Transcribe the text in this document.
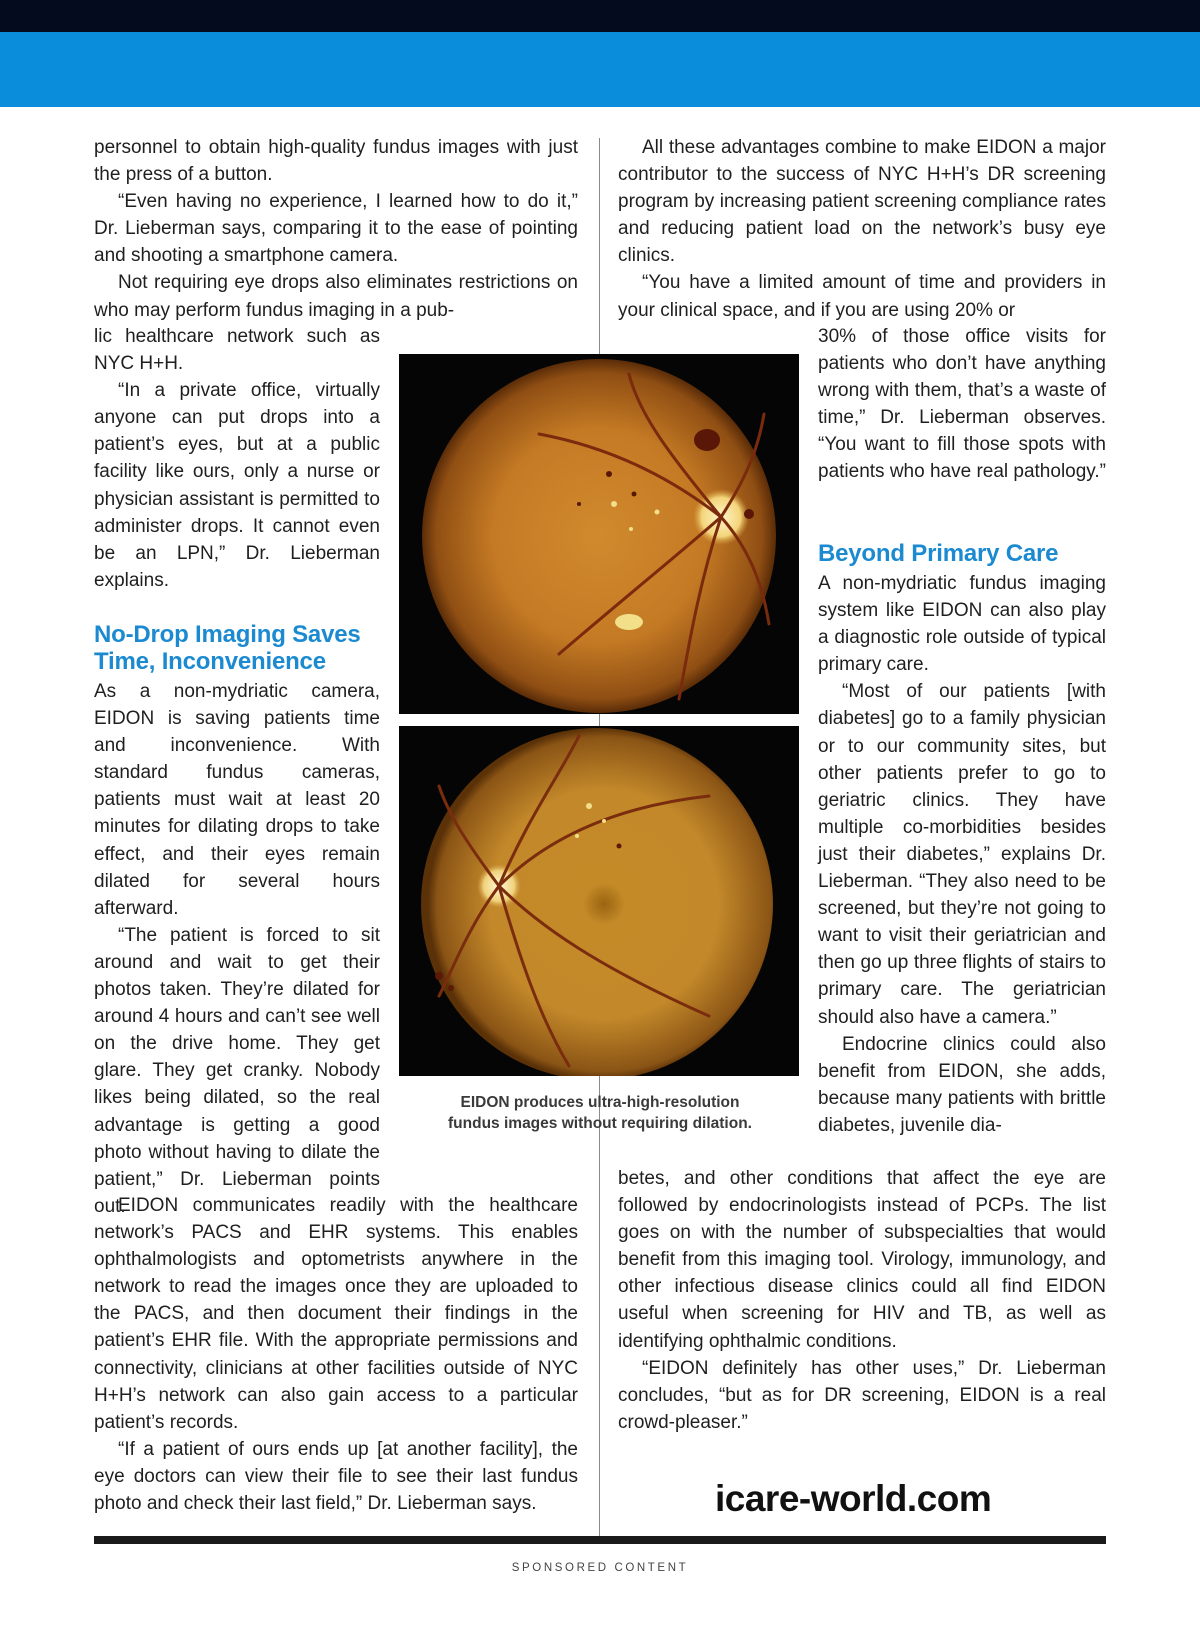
personnel to obtain high-quality fundus images with just the press of a button.

“Even having no experience, I learned how to do it,” Dr. Lieberman says, comparing it to the ease of pointing and shooting a smartphone camera.

Not requiring eye drops also eliminates restrictions on who may perform fundus imaging in a pub-

lic healthcare network such as NYC H+H.

“In a private office, virtually anyone can put drops into a patient’s eyes, but at a public facility like ours, only a nurse or physician assistant is permitted to administer drops. It cannot even be an LPN,” Dr. Lieberman explains.

No-Drop Imaging Saves
Time, Inconvenience

As a non-mydriatic camera, EIDON is saving patients time and inconvenience. With standard fundus cameras, patients must wait at least 20 minutes for dilating drops to take effect, and their eyes remain dilated for several hours afterward.

“The patient is forced to sit around and wait to get their photos taken. They’re dilated for around 4 hours and can’t see well on the drive home. They get glare. They get cranky. Nobody likes being dilated, so the real advantage is getting a good photo without having to dilate the patient,” Dr. Lieberman points out.

EIDON communicates readily with the healthcare network’s PACS and EHR systems. This enables ophthalmologists and optometrists anywhere in the network to read the images once they are uploaded to the PACS, and then document their findings in the patient’s EHR file. With the appropriate permissions and connectivity, clinicians at other facilities outside of NYC H+H’s network can also gain access to a particular patient’s records.

“If a patient of ours ends up [at another facility], the eye doctors can view their file to see their last fundus photo and check their last field,” Dr. Lieberman says.

All these advantages combine to make EIDON a major contributor to the success of NYC H+H’s DR screening program by increasing patient screening compliance rates and reducing patient load on the network’s busy eye clinics.

“You have a limited amount of time and providers in your clinical space, and if you are using 20% or

30% of those office visits for patients who don’t have anything wrong with them, that’s a waste of time,” Dr. Lieberman observes. “You want to fill those spots with patients who have real pathology.”

Beyond Primary Care

A non-mydriatic fundus imaging system like EIDON can also play a diagnostic role outside of typical primary care.

“Most of our patients [with diabetes] go to a family physician or to our community sites, but other patients prefer to go to geriatric clinics. They have multiple co-morbidities besides just their diabetes,” explains Dr. Lieberman. “They also need to be screened, but they’re not going to want to visit their geriatrician and then go up three flights of stairs to primary care. The geriatrician should also have a camera.”

Endocrine clinics could also benefit from EIDON, she adds, because many patients with brittle diabetes, juvenile dia-

betes, and other conditions that affect the eye are followed by endocrinologists instead of PCPs. The list goes on with the number of subspecialties that would benefit from this imaging tool. Virology, immunology, and other infectious disease clinics could all find EIDON useful when screening for HIV and TB, as well as identifying ophthalmic conditions.

“EIDON definitely has other uses,” Dr. Lieberman concludes, “but as for DR screening, EIDON is a real crowd-pleaser.”

EIDON produces ultra-high-resolution
fundus images without requiring dilation.
icare-world.com
SPONSORED CONTENT
